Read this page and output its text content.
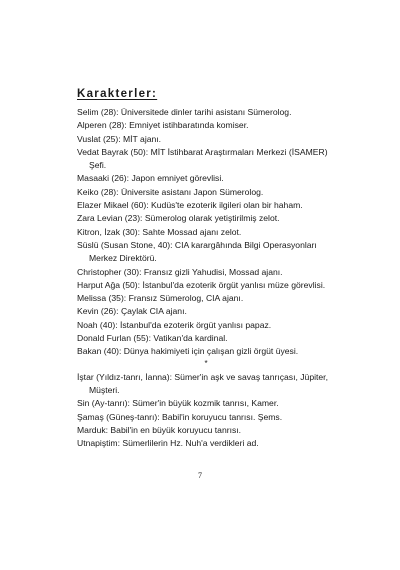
Karakterler:
Selim (28): Üniversitede dinler tarihi asistanı Sümerolog.
Alperen (28): Emniyet istihbaratında komiser.
Vuslat (25): MİT ajanı.
Vedat Bayrak (50): MİT İstihbarat Araştırmaları Merkezi (İSAMER) Şefi.
Masaaki (26): Japon emniyet görevlisi.
Keiko (28): Üniversite asistanı Japon Sümerolog.
Elazer Mikael (60): Kudüs'te ezoterik ilgileri olan bir haham.
Zara Levian (23): Sümerolog olarak yetiştirilmiş zelot.
Kitron, İzak (30): Sahte Mossad ajanı zelot.
Süslü (Susan Stone, 40): CIA karargâhında Bilgi Operasyonları Merkez Direktörü.
Christopher (30): Fransız gizli Yahudisi, Mossad ajanı.
Harput Ağa (50): İstanbul'da ezoterik örgüt yanlısı müze görevlisi.
Melissa (35): Fransız Sümerolog, CIA ajanı.
Kevin (26): Çaylak CIA ajanı.
Noah (40): İstanbul'da ezoterik örgüt yanlısı papaz.
Donald Furlan (55): Vatikan'da kardinal.
Bakan (40): Dünya hakimiyeti için çalışan gizli örgüt üyesi.
*
İştar (Yıldız-tanrı, İanna): Sümer'in aşk ve savaş tanrıçası, Jüpiter, Müşteri.
Sin (Ay-tanrı): Sümer'in büyük kozmik tanrısı, Kamer.
Şamaş (Güneş-tanrı): Babil'in koruyucu tanrısı. Şems.
Marduk: Babil'in en büyük koruyucu tanrısı.
Utnapiştim: Sümerlilerin Hz. Nuh'a verdikleri ad.
7
